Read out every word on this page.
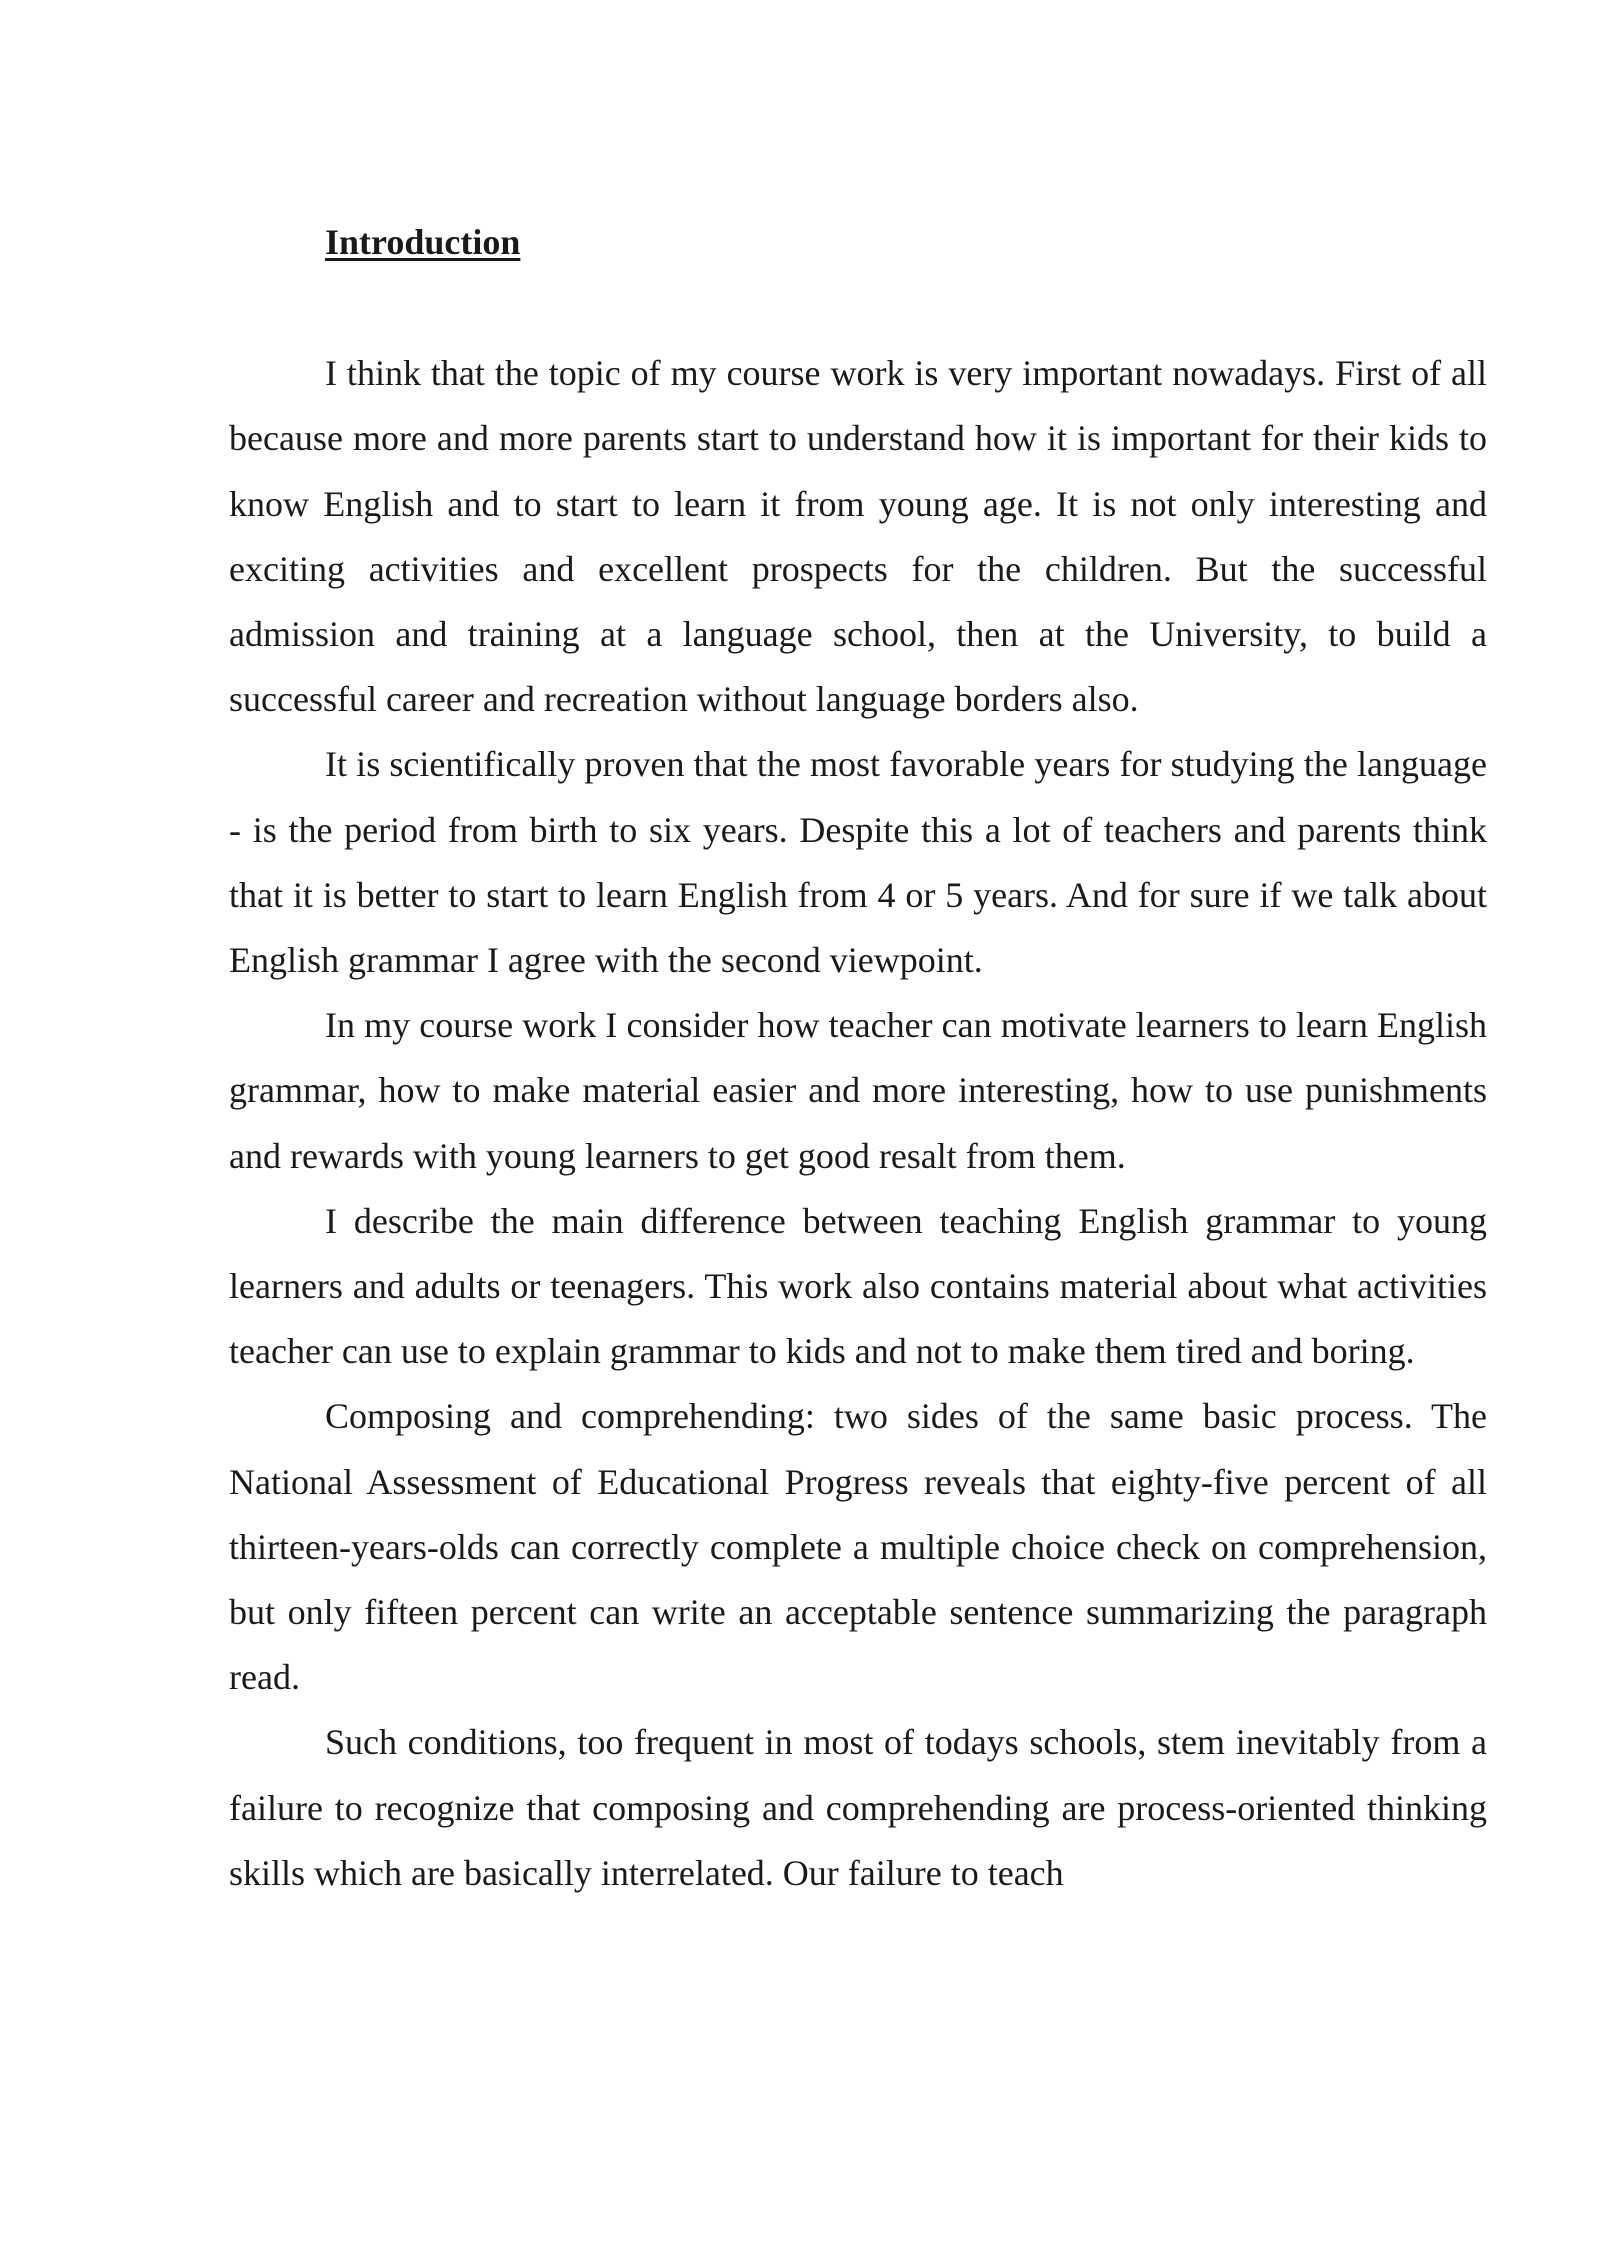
Introduction

I think that the topic of my course work is very important nowadays. First of all because more and more parents start to understand how it is important for their kids to know English and to start to learn it from young age. It is not only interesting and exciting activities and excellent prospects for the children. But the successful admission and training at a language school, then at the University, to build a successful career and recreation without language borders also.

It is scientifically proven that the most favorable years for studying the language - is the period from birth to six years. Despite this a lot of teachers and parents think that it is better to start to learn English from 4 or 5 years. And for sure if we talk about English grammar I agree with the second viewpoint.

In my course work I consider how teacher can motivate learners to learn English grammar, how to make material easier and more interesting, how to use punishments and rewards with young learners to get good resalt from them.

I describe the main difference between teaching English grammar to young learners and adults or teenagers. This work also contains material about what activities teacher can use to explain grammar to kids and not to make them tired and boring.

Composing and comprehending: two sides of the same basic process. The National Assessment of Educational Progress reveals that eighty-five percent of all thirteen-years-olds can correctly complete a multiple choice check on comprehension, but only fifteen percent can write an acceptable sentence summarizing the paragraph read.

Such conditions, too frequent in most of todays schools, stem inevitably from a failure to recognize that composing and comprehending are process-oriented thinking skills which are basically interrelated. Our failure to teach
